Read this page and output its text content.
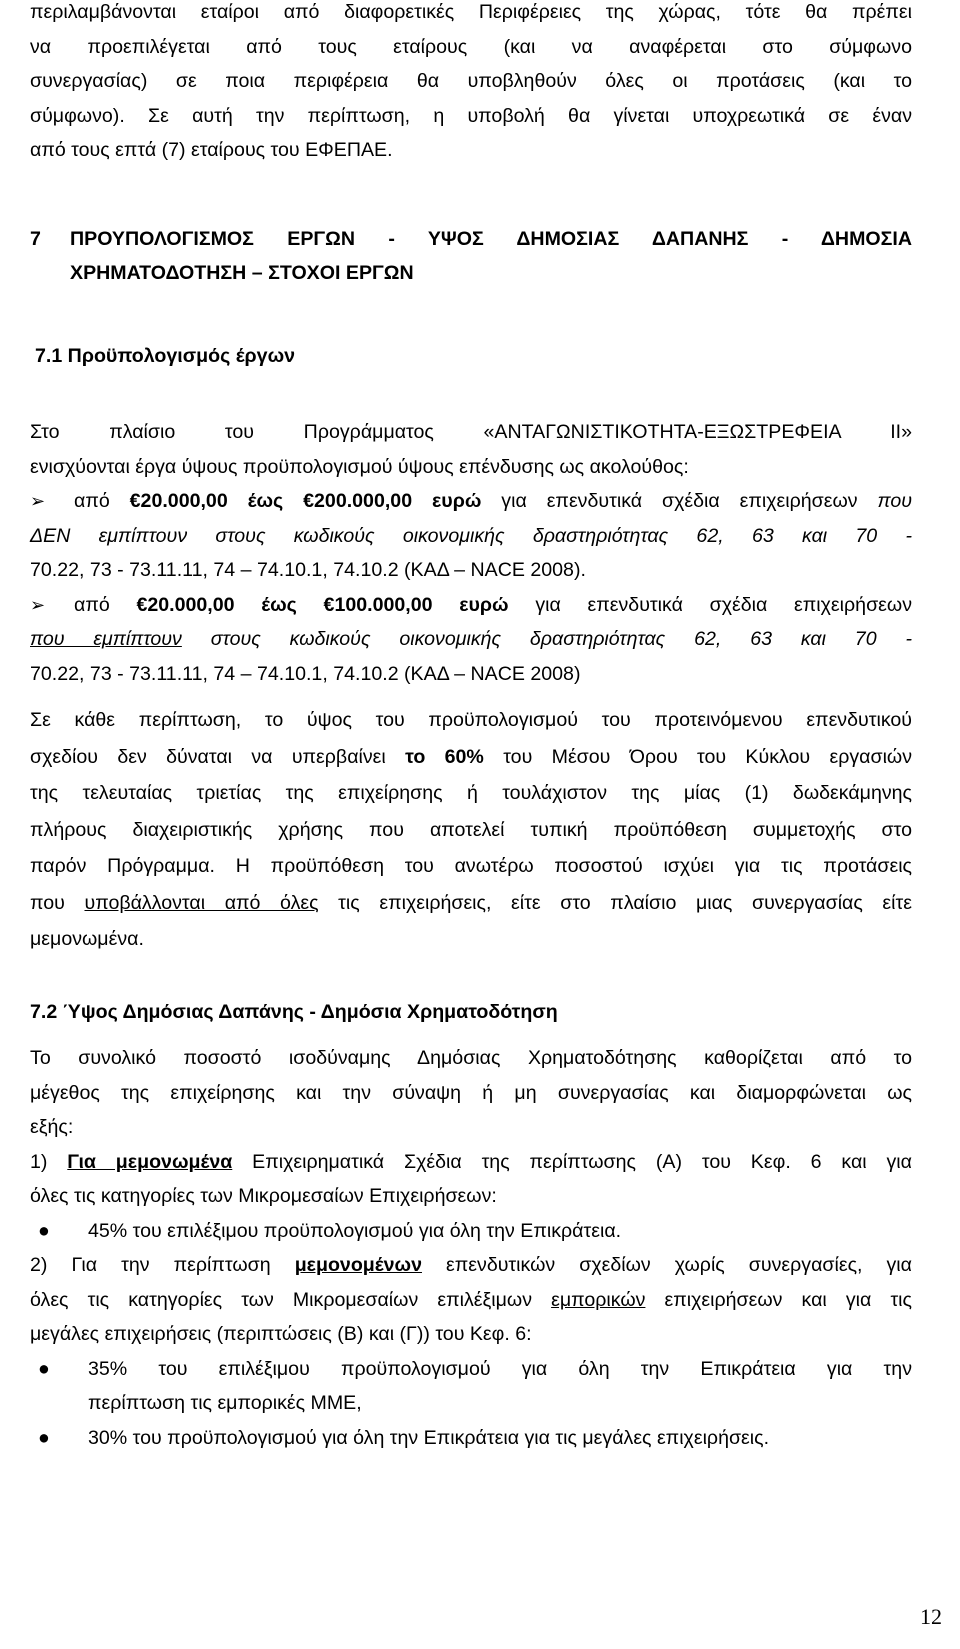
περιλαμβάνονται εταίροι από διαφορετικές Περιφέρειες της χώρας, τότε θα πρέπει

να προεπιλέγεται από τους εταίρους (και να αναφέρεται στο σύμφωνο

συνεργασίας) σε ποια περιφέρεια θα υποβληθούν όλες οι προτάσεις (και το

σύμφωνο). Σε αυτή την περίπτωση, η υποβολή θα γίνεται υποχρεωτικά σε έναν

από τους επτά (7) εταίρους του ΕΦΕΠΑΕ.

7	ΠΡΟΥΠΟΛΟΓΙΣΜΟΣ ΕΡΓΩΝ - ΥΨΟΣ ΔΗΜΟΣΙΑΣ ΔΑΠΑΝΗΣ - ΔΗΜΟΣΙΑ
ΧΡΗΜΑΤΟΔΟΤΗΣΗ – ΣΤΟΧΟΙ ΕΡΓΩΝ
7.1 Προϋπολογισμός έργων

Στο πλαίσιο του Προγράμματος «ΑΝΤΑΓΩΝΙΣΤΙΚΟΤΗΤΑ-ΕΞΩΣΤΡΕΦΕΙΑ ΙΙ»

ενισχύονται έργα ύψους προϋπολογισμού ύψους επένδυσης ως ακολούθος:

➢	από €20.000,00 έως €200.000,00 ευρώ για επενδυτικά σχέδια επιχειρήσεων που

ΔΕΝ εμπίπτουν στους κωδικούς οικονομικής δραστηριότητας 62, 63 και 70 -

70.22, 73 - 73.11.11, 74 – 74.10.1, 74.10.2 (ΚΑΔ – NACE 2008).

➢	από €20.000,00 έως €100.000,00 ευρώ για επενδυτικά σχέδια επιχειρήσεων

που εμπίπτουν στους κωδικούς οικονομικής δραστηριότητας 62, 63 και 70 -

70.22, 73 - 73.11.11, 74 – 74.10.1, 74.10.2 (ΚΑΔ – NACE 2008)

Σε κάθε περίπτωση, το ύψος του προϋπολογισμού του προτεινόμενου επενδυτικού

σχεδίου δεν δύναται να υπερβαίνει το 60% του Μέσου Όρου του Κύκλου εργασιών

της τελευταίας τριετίας της επιχείρησης ή τουλάχιστον της μίας (1) δωδεκάμηνης

πλήρους διαχειριστικής χρήσης που αποτελεί τυπική προϋπόθεση συμμετοχής στο

παρόν Πρόγραμμα. Η προϋπόθεση του ανωτέρω ποσοστού ισχύει για τις προτάσεις

που υποβάλλονται από όλες τις επιχειρήσεις, είτε στο πλαίσιο μιας συνεργασίας είτε

μεμονωμένα.

7.2 Ύψος Δημόσιας Δαπάνης - Δημόσια Χρηματοδότηση

Το συνολικό ποσοστό ισοδύναμης Δημόσιας Χρηματοδότησης καθορίζεται από το

μέγεθος της επιχείρησης και την σύναψη ή μη συνεργασίας και διαμορφώνεται ως

εξής:

1) Για μεμονωμένα Επιχειρηματικά Σχέδια της περίπτωσης (Α) του Κεφ. 6 και για

όλες τις κατηγορίες των Μικρομεσαίων Επιχειρήσεων:

●	45% του επιλέξιμου προϋπολογισμού για όλη την Επικράτεια.

2) Για την περίπτωση μεμονομένων επενδυτικών σχεδίων χωρίς συνεργασίες, για

όλες τις κατηγορίες των Μικρομεσαίων επιλέξιμων εμπορικών επιχειρήσεων και για τις

μεγάλες επιχειρήσεις (περιπτώσεις (Β) και (Γ)) του Κεφ. 6:

●	35% του επιλέξιμου προϋπολογισμού για όλη την Επικράτεια για την

περίπτωση τις εμπορικές ΜΜΕ,

●	30% του προϋπολογισμού για όλη την Επικράτεια για τις μεγάλες επιχειρήσεις.

12
